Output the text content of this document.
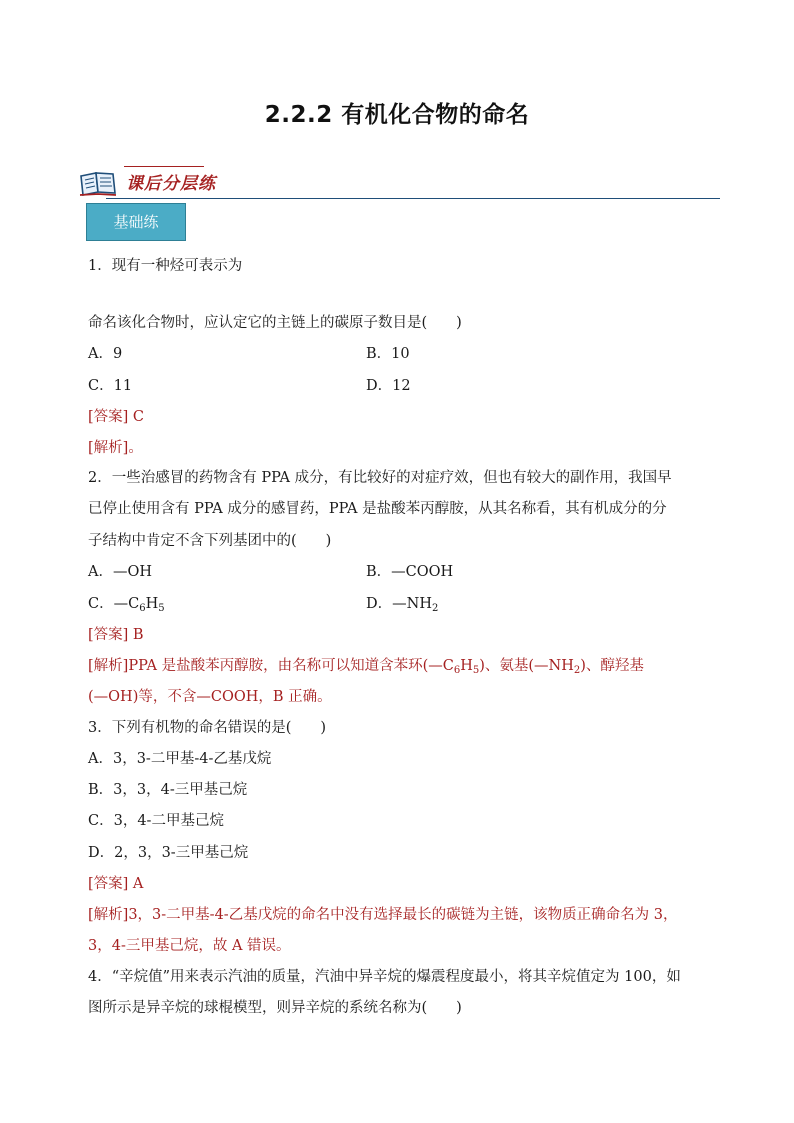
2.2.2 有机化合物的命名
课后分层练
基础练
1．现有一种烃可表示为
命名该化合物时，应认定它的主链上的碳原子数目是(　　)
A．9	B．10
C．11	D．12
[答案] C
[解析]。
2．一些治感冒的药物含有 PPA 成分，有比较好的对症疗效，但也有较大的副作用，我国早
已停止使用含有 PPA 成分的感冒药，PPA 是盐酸苯丙醇胺，从其名称看，其有机成分的分
子结构中肯定不含下列基团中的(　　)
A．—OH	B．—COOH
C．$—C_6H_5$	D．$—NH_2$
[答案] B
[解析]PPA 是盐酸苯丙醇胺，由名称可以知道含苯环$(—C_6H_5)$、氨基$(—NH_2)$、醇羟基
(—OH)等，不含—COOH，B 正确。
3．下列有机物的命名错误的是(　　)
A．3，3-二甲基-4-乙基戊烷
B．3，3，4-三甲基己烷
C．3，4-二甲基己烷
D．2，3，3-三甲基己烷
[答案] A
[解析]3，3-二甲基-4-乙基戊烷的命名中没有选择最长的碳链为主链，该物质正确命名为 3，
3，4-三甲基己烷，故 A 错误。
4．“辛烷值”用来表示汽油的质量，汽油中异辛烷的爆震程度最小，将其辛烷值定为 100，如
图所示是异辛烷的球棍模型，则异辛烷的系统名称为(　　)
